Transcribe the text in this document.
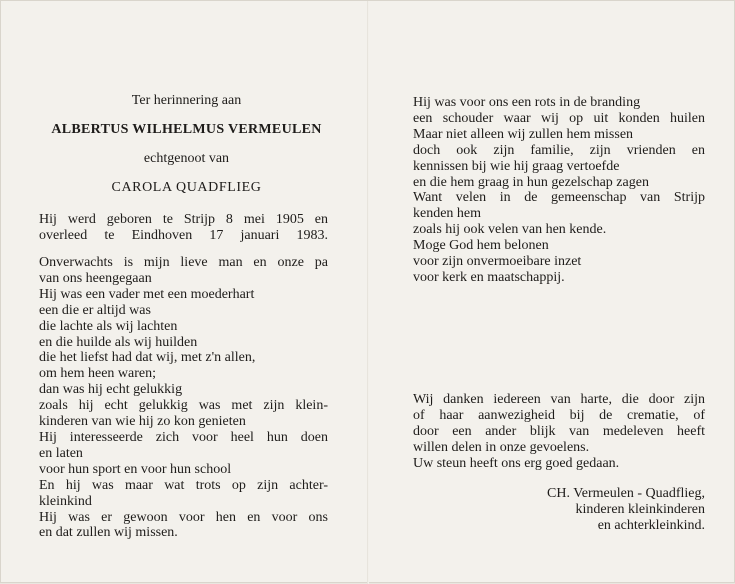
Ter herinnering aan
ALBERTUS WILHELMUS VERMEULEN
echtgenoot van
CAROLA QUADFLIEG

Hij werd geboren te Strijp 8 mei 1905 en

overleed te Eindhoven 17 januari 1983.

Onverwachts is mijn lieve man en onze pa

van ons heengegaan

Hij was een vader met een moederhart

een die er altijd was

die lachte als wij lachten

en die huilde als wij huilden

die het liefst had dat wij, met z'n allen,

om hem heen waren;

dan was hij echt gelukkig

zoals hij echt gelukkig was met zijn klein-

kinderen van wie hij zo kon genieten

Hij interesseerde zich voor heel hun doen

en laten

voor hun sport en voor hun school

En hij was maar wat trots op zijn achter-

kleinkind

Hij was er gewoon voor hen en voor ons

en dat zullen wij missen.

Hij was voor ons een rots in de branding

een schouder waar wij op uit konden huilen

Maar niet alleen wij zullen hem missen

doch ook zijn familie, zijn vrienden en

kennissen bij wie hij graag vertoefde

en die hem graag in hun gezelschap zagen

Want velen in de gemeenschap van Strijp

kenden hem

zoals hij ook velen van hen kende.

Moge God hem belonen

voor zijn onvermoeibare inzet

voor kerk en maatschappij.

Wij danken iedereen van harte, die door zijn

of haar aanwezigheid bij de crematie, of

door een ander blijk van medeleven heeft

willen delen in onze gevoelens.

Uw steun heeft ons erg goed gedaan.

CH. Vermeulen - Quadflieg,

kinderen kleinkinderen

en achterkleinkind.
